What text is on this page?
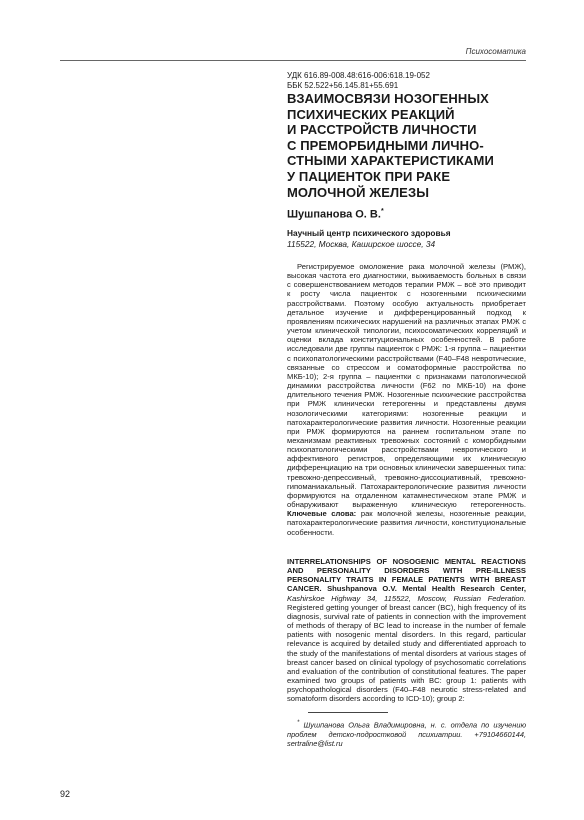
Психосоматика
УДК 616.89-008.48:616-006:618.19-052
ББК 52.522+56.145.81+55.691
ВЗАИМОСВЯЗИ НОЗОГЕННЫХ
ПСИХИЧЕСКИХ РЕАКЦИЙ
И РАССТРОЙСТВ ЛИЧНОСТИ
С ПРЕМОРБИДНЫМИ ЛИЧНО-
СТНЫМИ ХАРАКТЕРИСТИКАМИ
У ПАЦИЕНТОК ПРИ РАКЕ
МОЛОЧНОЙ ЖЕЛЕЗЫ
Шушпанова О. В.*
Научный центр психического здоровья
115522, Москва, Каширское шоссе, 34

Регистрируемое омоложение рака молочной железы (РМЖ), высокая частота его диагностики, выживаемость больных в связи с совершенствованием методов терапии РМЖ – всё это приводит к росту числа пациенток с нозогенными психическими расстройствами. Поэтому особую актуальность приобретает детальное изучение и дифференцированный подход к проявлениям психических нарушений на различных этапах РМЖ с учетом клинической типологии, психосоматических корреляций и оценки вклада конституциональных особенностей. В работе исследовали две группы пациенток с РМЖ: 1-я группа – пациентки с психопатологическими расстройствами (F40–F48 невротические, связанные со стрессом и соматоформные расстройства по МКБ-10); 2-я группа – пациентки с признаками патологической динамики расстройства личности (F62 по МКБ-10) на фоне длительного течения РМЖ. Нозогенные психические расстройства при РМЖ клинически гетерогенны и представлены двумя нозологическими категориями: нозогенные реакции и патохарактерологические развития личности. Нозогенные реакции при РМЖ формируются на раннем госпитальном этапе по механизмам реактивных тревожных состояний с коморбидными психопатологическими расстройствами невротического и аффективного регистров, определяющими их клиническую дифференциацию на три основных клинически завершенных типа: тревожно-депрессивный, тревожно-диссоциативный, тревожно-гипоманиакальный. Патохарактерологические развития личности формируются на отдаленном катамнестическом этапе РМЖ и обнаруживают выраженную клиническую гетерогенность. Ключевые слова: рак молочной железы, нозогенные реакции, патохарактерологические развития личности, конституциональные особенности.

INTERRELATIONSHIPS OF NOSOGENIC MENTAL REACTIONS AND PERSONALITY DISORDERS WITH PRE-ILLNESS PERSONALITY TRAITS IN FEMALE PATIENTS WITH BREAST CANCER. Shushpanova O.V. Mental Health Research Center, Kashirskoe Highway 34, 115522, Moscow, Russian Federation. Registered getting younger of breast cancer (BC), high frequency of its diagnosis, survival rate of patients in connection with the improvement of methods of therapy of BC lead to increase in the number of female patients with nosogenic mental disorders. In this regard, particular relevance is acquired by detailed study and differentiated approach to the study of the manifestations of mental disorders at various stages of breast cancer based on clinical typology of psychosomatic correlations and evaluation of the contribution of constitutional features. The paper examined two groups of patients with BC: group 1: patients with psychopathological disorders (F40–F48 neurotic stress-related and somatoform disorders according to ICD-10); group 2:

* Шушпанова Ольга Владимировна, н. с. отдела по изучению проблем детско-подростковой психиатрии. +79104660144, sertraline@list.ru

92
